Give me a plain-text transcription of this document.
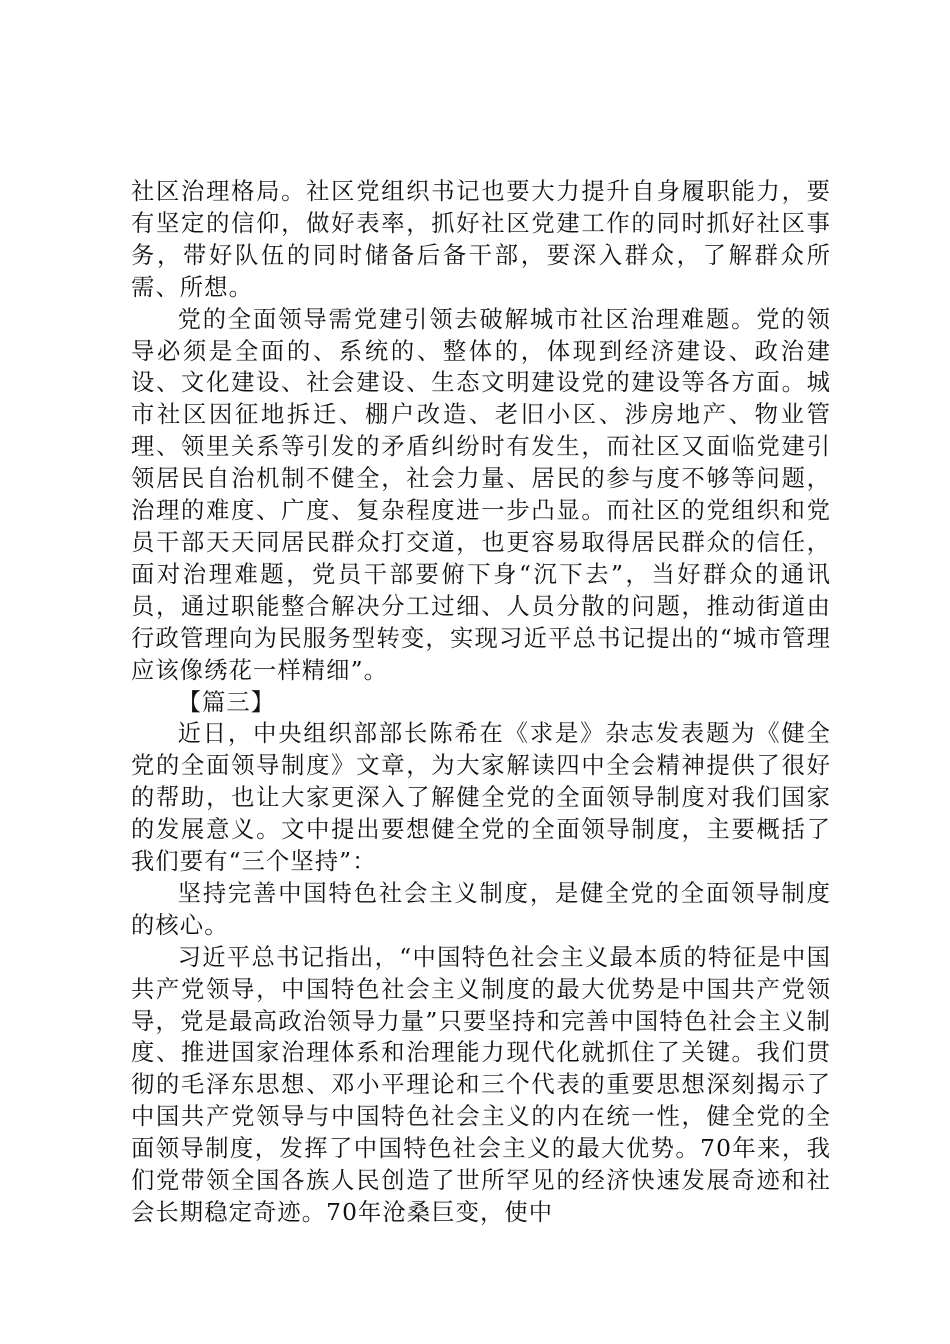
社区治理格局。社区党组织书记也要大力提升自身履职能力，要有坚定的信仰，做好表率，抓好社区党建工作的同时抓好社区事务，带好队伍的同时储备后备干部，要深入群众，了解群众所需、所想。

党的全面领导需党建引领去破解城市社区治理难题。党的领导必须是全面的、系统的、整体的，体现到经济建设、政治建设、文化建设、社会建设、生态文明建设党的建设等各方面。城市社区因征地拆迁、棚户改造、老旧小区、涉房地产、物业管理、领里关系等引发的矛盾纠纷时有发生，而社区又面临党建引领居民自治机制不健全，社会力量、居民的参与度不够等问题，治理的难度、广度、复杂程度进一步凸显。而社区的党组织和党员干部天天同居民群众打交道，也更容易取得居民群众的信任，面对治理难题，党员干部要俯下身“沉下去”，当好群众的通讯员，通过职能整合解决分工过细、人员分散的问题，推动街道由行政管理向为民服务型转变，实现习近平总书记提出的“城市管理应该像绣花一样精细”。

【篇三】

近日，中央组织部部长陈希在《求是》杂志发表题为《健全党的全面领导制度》文章，为大家解读四中全会精神提供了很好的帮助，也让大家更深入了解健全党的全面领导制度对我们国家的发展意义。文中提出要想健全党的全面领导制度，主要概括了我们要有“三个坚持”：

坚持完善中国特色社会主义制度，是健全党的全面领导制度的核心。

习近平总书记指出，“中国特色社会主义最本质的特征是中国共产党领导，中国特色社会主义制度的最大优势是中国共产党领导，党是最高政治领导力量”只要坚持和完善中国特色社会主义制度、推进国家治理体系和治理能力现代化就抓住了关键。我们贯彻的毛泽东思想、邓小平理论和三个代表的重要思想深刻揭示了中国共产党领导与中国特色社会主义的内在统一性，健全党的全面领导制度，发挥了中国特色社会主义的最大优势。70年来，我们党带领全国各族人民创造了世所罕见的经济快速发展奇迹和社会长期稳定奇迹。70年沧桑巨变，使中
